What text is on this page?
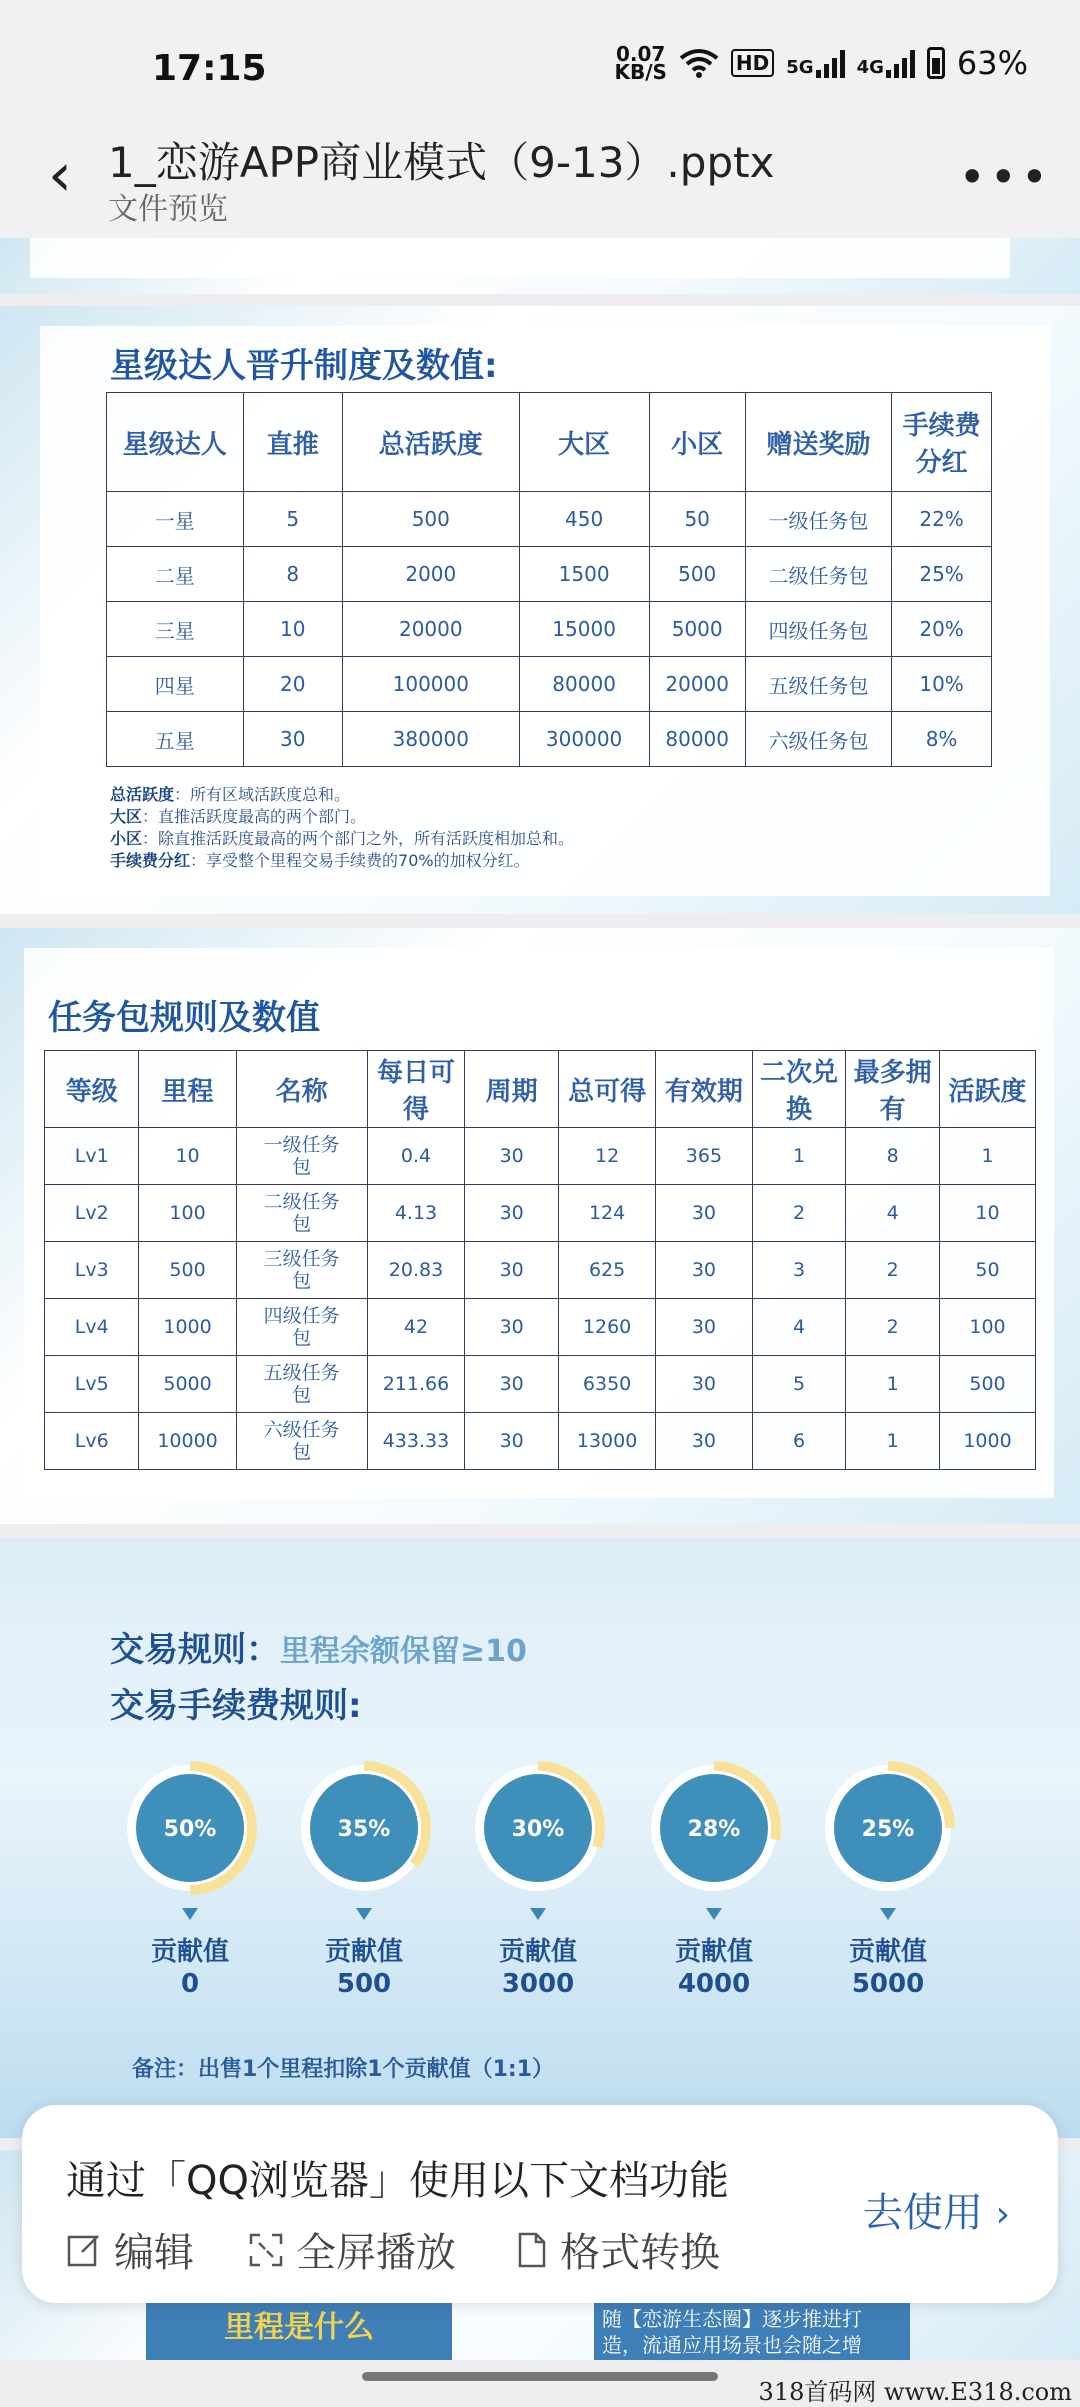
17:15	0.07
KB/S	HD 5G 4G 63%
‹ 1_恋游APP商业模式（9-13）.pptx
文件预览
•••
星级达人晋升制度及数值:
星级达人	直推	总活跃度	大区	小区	赠送奖励	手续费分红
一星	5	500	450	50	一级任务包	22%
二星	8	2000	1500	500	二级任务包	25%
三星	10	20000	15000	5000	四级任务包	20%
四星	20	100000	80000	20000	五级任务包	10%
五星	30	380000	300000	80000	六级任务包	8%
总活跃度：所有区域活跃度总和。
大区：直推活跃度最高的两个部门。
小区：除直推活跃度最高的两个部门之外，所有活跃度相加总和。
手续费分红：享受整个里程交易手续费的70%的加权分红。
任务包规则及数值
等级	里程	名称	每日可得	周期	总可得	有效期	二次兑换	最多拥有	活跃度
Lv1	10	一级任务包	0.4	30	12	365	1	8	1
Lv2	100	二级任务包	4.13	30	124	30	2	4	10
Lv3	500	三级任务包	20.83	30	625	30	3	2	50
Lv4	1000	四级任务包	42	30	1260	30	4	2	100
Lv5	5000	五级任务包	211.66	30	6350	30	5	1	500
Lv6	10000	六级任务包	433.33	30	13000	30	6	1	1000
交易规则：里程余额保留≥10
交易手续费规则:
50%
贡献值
0
35%
贡献值
500
30%
贡献值
3000
28%
贡献值
4000
25%
贡献值
5000
备注：出售1个里程扣除1个贡献值（1:1）
里程是什么	随【恋游生态圈】逐步推进打
造，流通应用场景也会随之增
通过「QQ浏览器」使用以下文档功能
编辑	全屏播放	格式转换
去使用 ›
318首码网 www.E318.com
